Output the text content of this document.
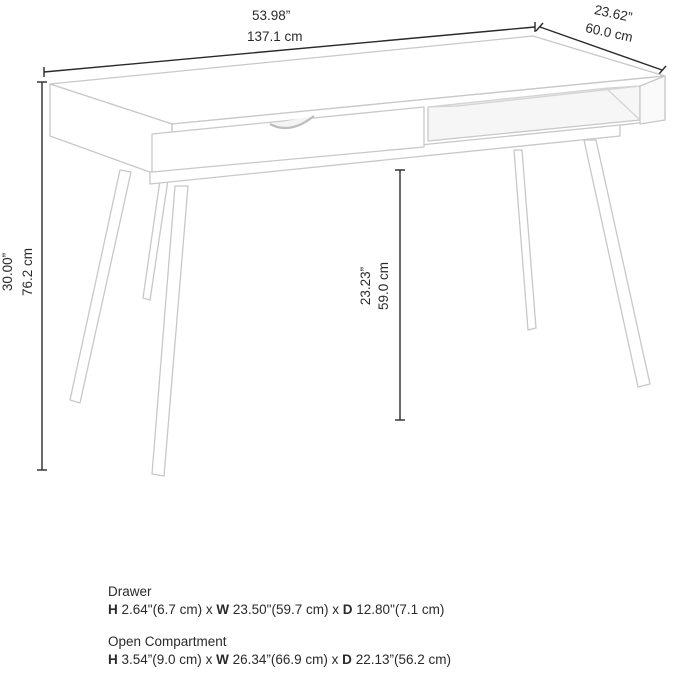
53.98”
137.1 cm
23.62”
60.0 cm
30.00” 76.2 cm	23.23” 59.0 cm
Drawer
H 2.64"(6.7 cm) x W 23.50"(59.7 cm) x D 12.80"(7.1 cm)
Open Compartment
H 3.54”(9.0 cm) x W 26.34”(66.9 cm) x D 22.13”(56.2 cm)
